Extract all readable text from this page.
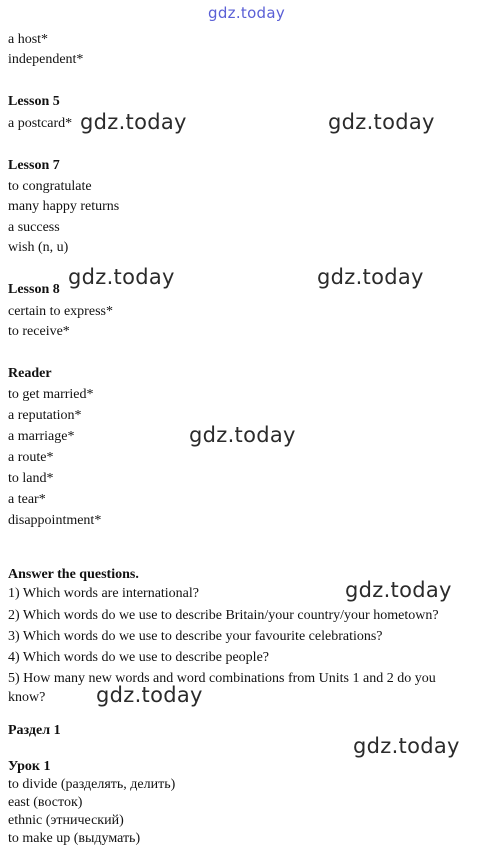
gdz.today
a host*
independent*
Lesson 5
a postcard*
Lesson 7
to congratulate
many happy returns
a success
wish (n, u)
Lesson 8
certain to express*
to receive*
Reader
to get married*
a reputation*
a marriage*
a route*
to land*
a tear*
disappointment*
Answer the questions.
1) Which words are international?
2) Which words do we use to describe Britain/your country/your hometown?
3) Which words do we use to describe your favourite celebrations?
4) Which words do we use to describe people?
5) How many new words and word combinations from Units 1 and 2 do you
know?
Раздел 1
Урок 1
to divide (разделять, делить)
east (восток)
ethnic (этнический)
to make up (выдумать)
gdz.today	gdz.today
gdz.today	gdz.today
gdz.today
gdz.today
gdz.today
gdz.today
